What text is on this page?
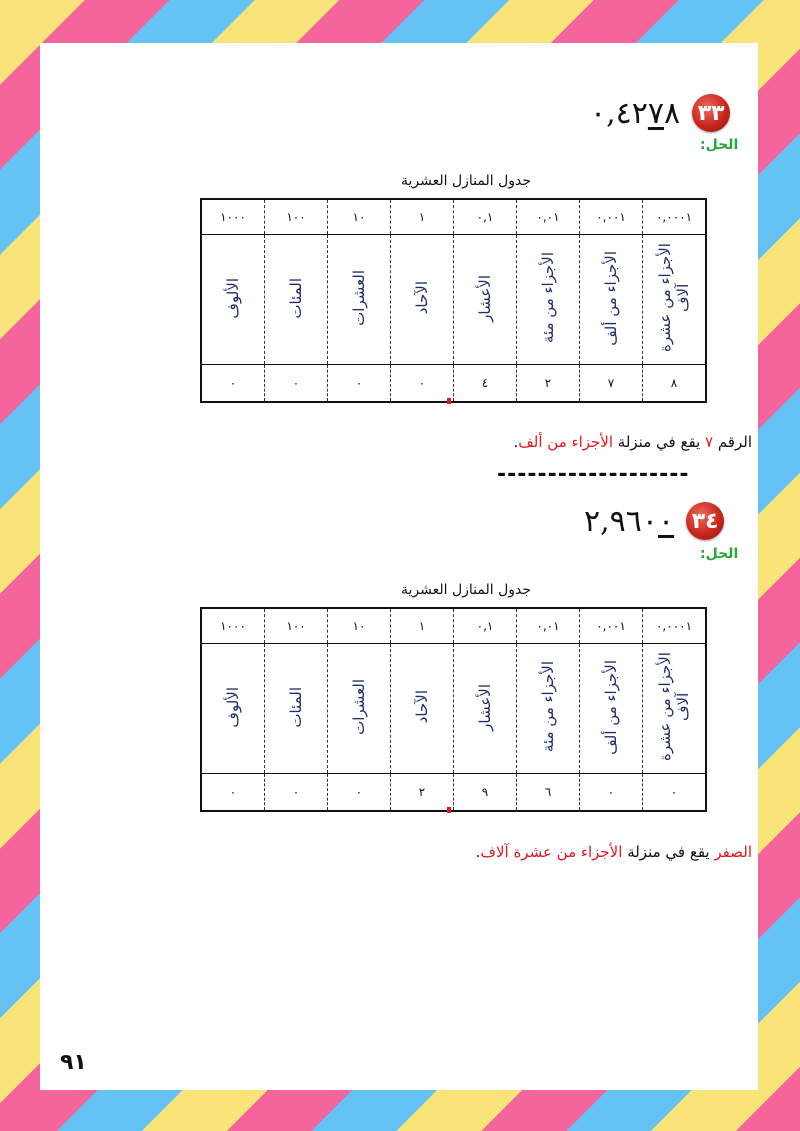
٠,٤٢٧٨ ٣٣
الحل:
جدول المنازل العشرية
٠,٠٠٠١	٠,٠٠١	٠,٠١	٠,١	١	١٠	١٠٠	١٠٠٠
الأجزاء من عشرة آلاف	الأجزاء من ألف	الأجزاء من مئة	الأعشار	الآحاد	العشرات	المئات	الألوف
٨	٧	٢	٤	٠	٠	٠	٠
الرقم ٧ يقع في منزلة الأجزاء من ألف.
-------------------
٢,٩٦٠٠ ٣٤
الحل:
جدول المنازل العشرية
٠,٠٠٠١	٠,٠٠١	٠,٠١	٠,١	١	١٠	١٠٠	١٠٠٠
الأجزاء من عشرة آلاف	الأجزاء من ألف	الأجزاء من مئة	الأعشار	الآحاد	العشرات	المئات	الألوف
٠	٠	٦	٩	٢	٠	٠	٠
الصفر يقع في منزلة الأجزاء من عشرة آلاف.
٩١
